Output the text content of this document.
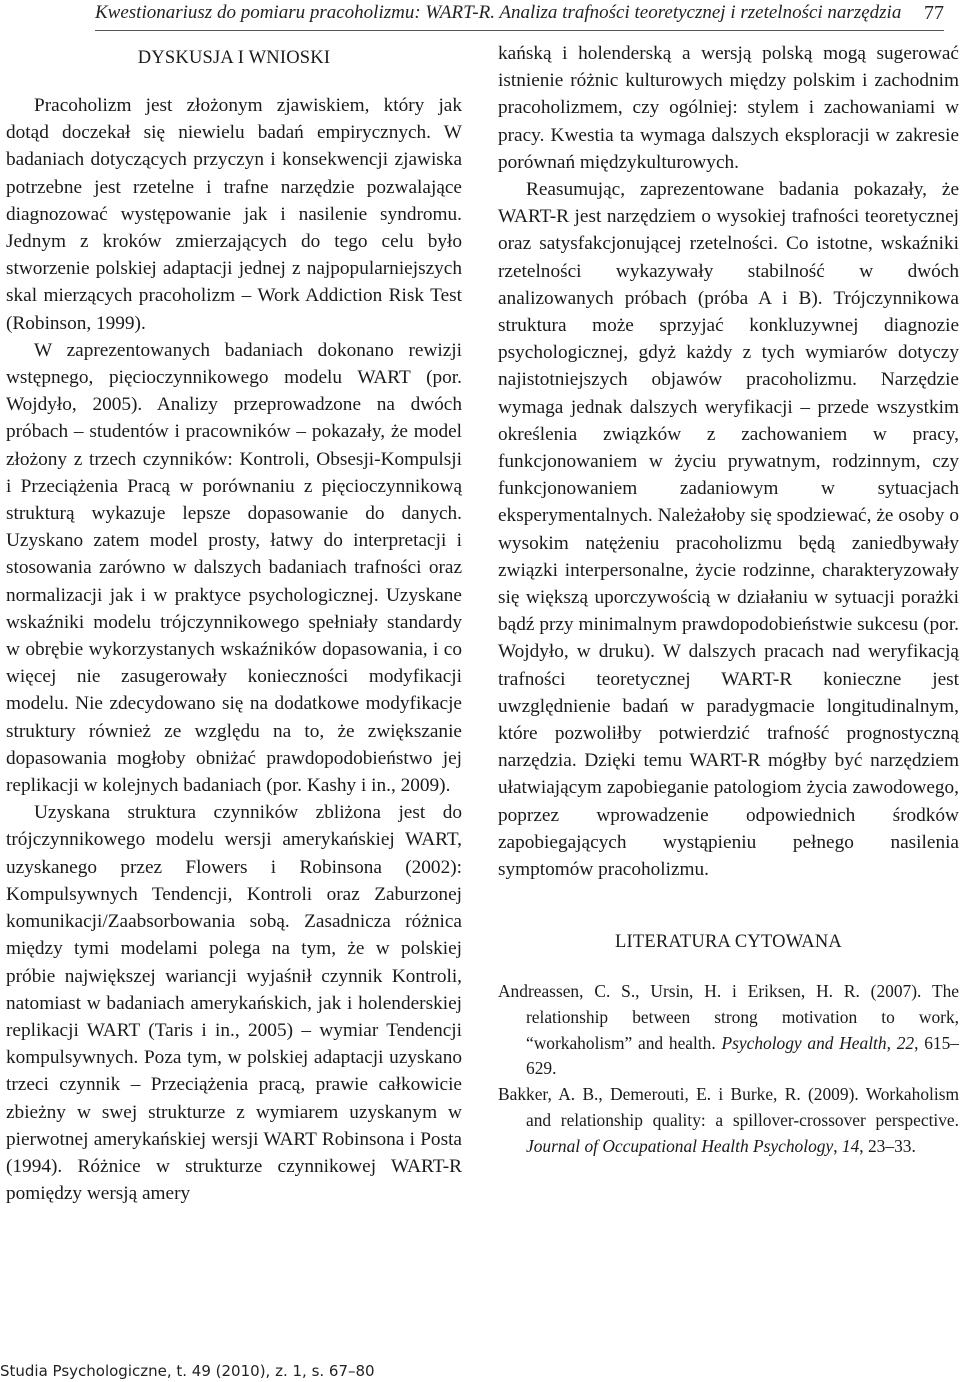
Kwestionariusz do pomiaru pracoholizmu: WART-R. Analiza trafności teoretycznej i rzetelności narzędzia 77
DYSKUSJA I WNIOSKI

Pracoholizm jest złożonym zjawiskiem, który jak dotąd doczekał się niewielu badań empirycznych. W badaniach dotyczących przyczyn i konsekwencji zjawiska potrzebne jest rzetelne i trafne narzędzie pozwalające diagnozować występowanie jak i nasilenie syndromu. Jednym z kroków zmierzających do tego celu było stworzenie polskiej adaptacji jednej z najpopularniejszych skal mierzących pracoholizm – Work Addiction Risk Test (Robinson, 1999).

W zaprezentowanych badaniach dokonano rewizji wstępnego, pięcioczynnikowego modelu WART (por. Wojdyło, 2005). Analizy przeprowadzone na dwóch próbach – studentów i pracowników – pokazały, że model złożony z trzech czynników: Kontroli, Obsesji-Kompulsji i Przeciążenia Pracą w porównaniu z pięcioczynnikową strukturą wykazuje lepsze dopasowanie do danych. Uzyskano zatem model prosty, łatwy do interpretacji i stosowania zarówno w dalszych badaniach trafności oraz normalizacji jak i w praktyce psychologicznej. Uzyskane wskaźniki modelu trójczynnikowego spełniały standardy w obrębie wykorzystanych wskaźników dopasowania, i co więcej nie zasugerowały konieczności modyfikacji modelu. Nie zdecydowano się na dodatkowe modyfikacje struktury również ze względu na to, że zwiększanie dopasowania mogłoby obniżać prawdopodobieństwo jej replikacji w kolejnych badaniach (por. Kashy i in., 2009).

Uzyskana struktura czynników zbliżona jest do trójczynnikowego modelu wersji amerykańskiej WART, uzyskanego przez Flowers i Robinsona (2002): Kompulsywnych Tendencji, Kontroli oraz Zaburzonej komunikacji/Zaabsorbowania sobą. Zasadnicza różnica między tymi modelami polega na tym, że w polskiej próbie największej wariancji wyjaśnił czynnik Kontroli, natomiast w badaniach amerykańskich, jak i holenderskiej replikacji WART (Taris i in., 2005) – wymiar Tendencji kompulsywnych. Poza tym, w polskiej adaptacji uzyskano trzeci czynnik – Przeciążenia pracą, prawie całkowicie zbieżny w swej strukturze z wymiarem uzyskanym w pierwotnej amerykańskiej wersji WART Robinsona i Posta (1994). Różnice w strukturze czynnikowej WART-R pomiędzy wersją amery

kańską i holenderską a wersją polską mogą sugerować istnienie różnic kulturowych między polskim i zachodnim pracoholizmem, czy ogólniej: stylem i zachowaniami w pracy. Kwestia ta wymaga dalszych eksploracji w zakresie porównań międzykulturowych.

Reasumując, zaprezentowane badania pokazały, że WART-R jest narzędziem o wysokiej trafności teoretycznej oraz satysfakcjonującej rzetelności. Co istotne, wskaźniki rzetelności wykazywały stabilność w dwóch analizowanych próbach (próba A i B). Trójczynnikowa struktura może sprzyjać konkluzywnej diagnozie psychologicznej, gdyż każdy z tych wymiarów dotyczy najistotniejszych objawów pracoholizmu. Narzędzie wymaga jednak dalszych weryfikacji – przede wszystkim określenia związków z zachowaniem w pracy, funkcjonowaniem w życiu prywatnym, rodzinnym, czy funkcjonowaniem zadaniowym w sytuacjach eksperymentalnych. Należałoby się spodziewać, że osoby o wysokim natężeniu pracoholizmu będą zaniedbywały związki interpersonalne, życie rodzinne, charakteryzowały się większą uporczywością w działaniu w sytuacji porażki bądź przy minimalnym prawdopodobieństwie sukcesu (por. Wojdyło, w druku). W dalszych pracach nad weryfikacją trafności teoretycznej WART-R konieczne jest uwzględnienie badań w paradygmacie longitudinalnym, które pozwoliłby potwierdzić trafność prognostyczną narzędzia. Dzięki temu WART-R mógłby być narzędziem ułatwiającym zapobieganie patologiom życia zawodowego, poprzez wprowadzenie odpowiednich środków zapobiegających wystąpieniu pełnego nasilenia symptomów pracoholizmu.

LITERATURA CYTOWANA

Andreassen, C. S., Ursin, H. i Eriksen, H. R. (2007). The relationship between strong motivation to work, “workaholism” and health. Psychology and Health, 22, 615–629.

Bakker, A. B., Demerouti, E. i Burke, R. (2009). Workaholism and relationship quality: a spillover-crossover perspective. Journal of Occupational Health Psychology, 14, 23–33.

Studia Psychologiczne, t. 49 (2010), z. 1, s. 67–80
